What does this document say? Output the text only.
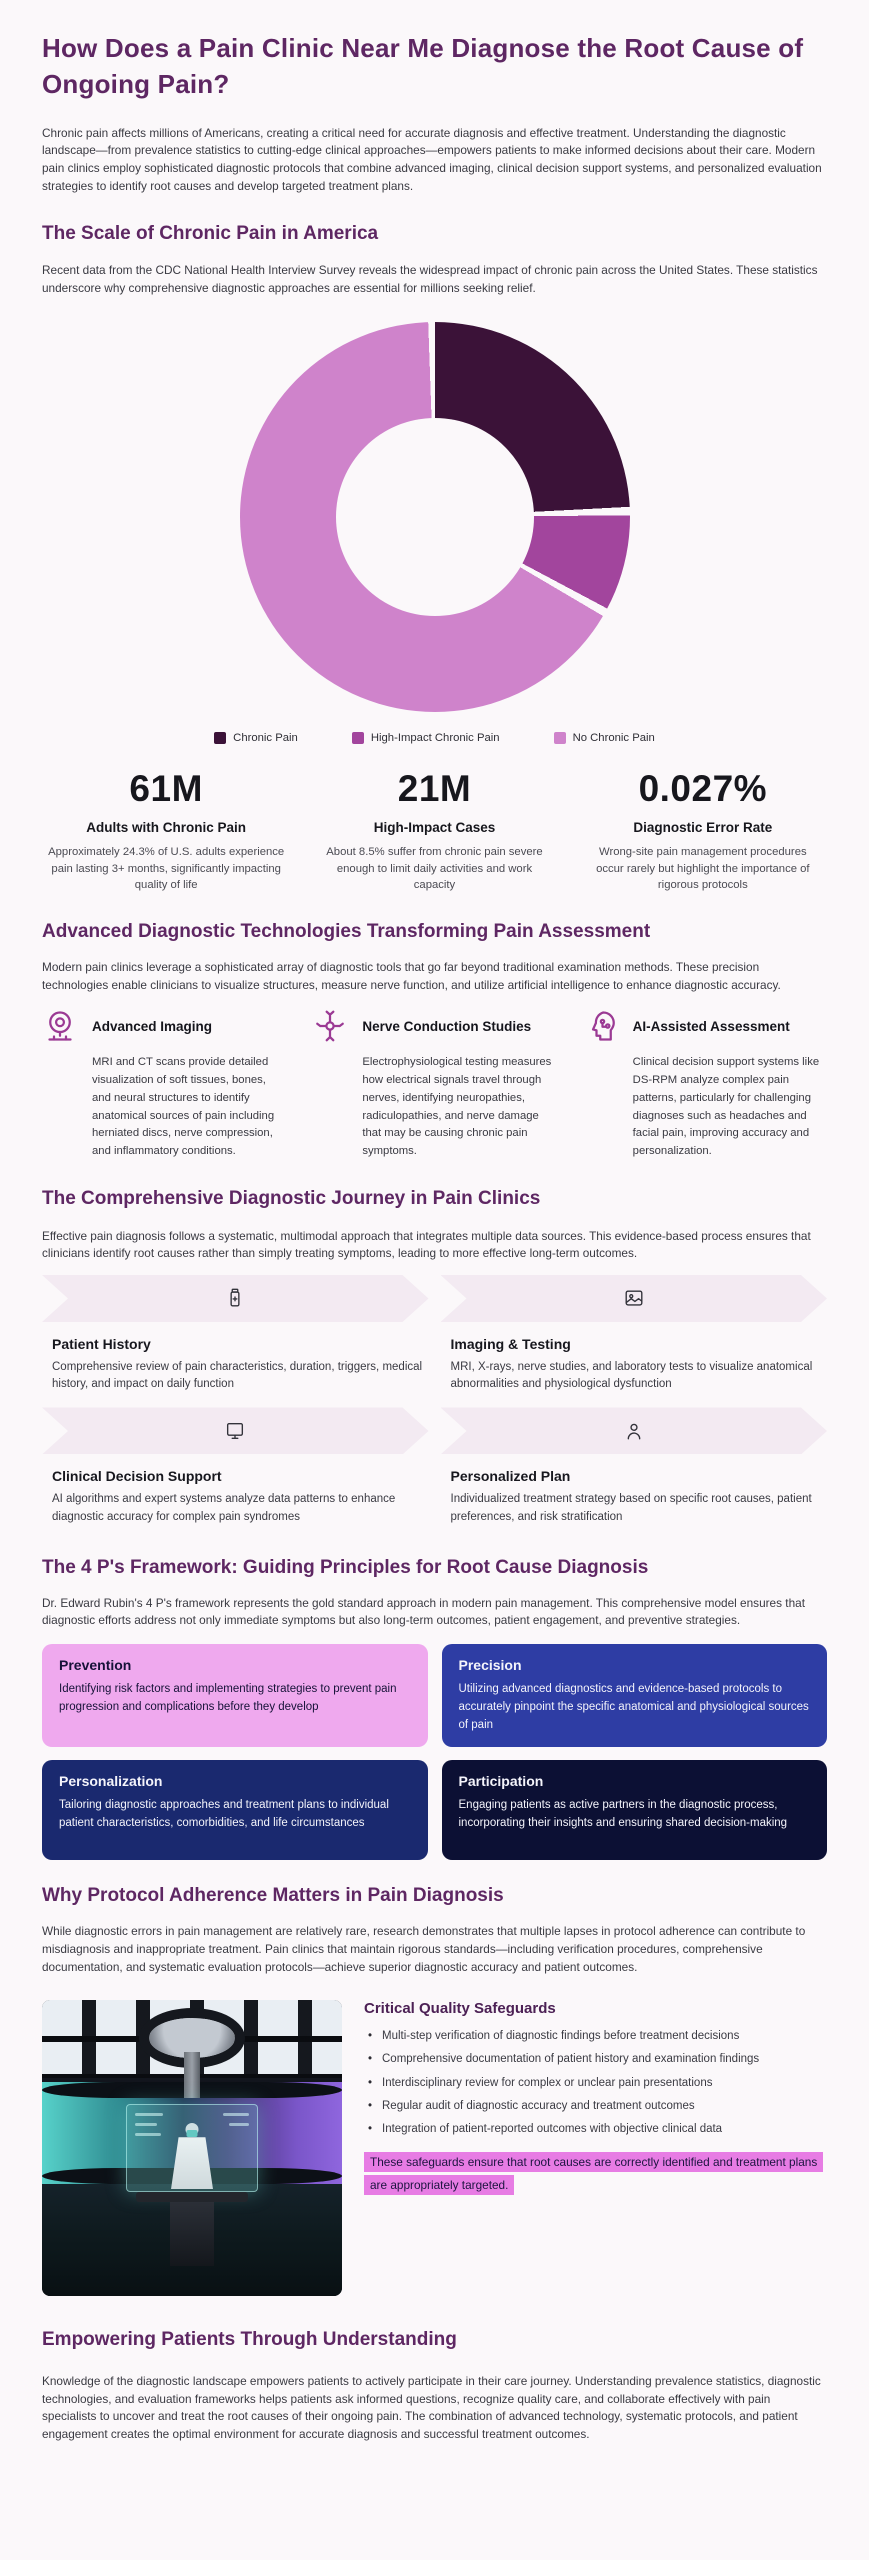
How Does a Pain Clinic Near Me Diagnose the Root Cause of Ongoing Pain?

Chronic pain affects millions of Americans, creating a critical need for accurate diagnosis and effective treatment. Understanding the diagnostic landscape—from prevalence statistics to cutting-edge clinical approaches—empowers patients to make informed decisions about their care. Modern pain clinics employ sophisticated diagnostic protocols that combine advanced imaging, clinical decision support systems, and personalized evaluation strategies to identify root causes and develop targeted treatment plans.

The Scale of Chronic Pain in America

Recent data from the CDC National Health Interview Survey reveals the widespread impact of chronic pain across the United States. These statistics underscore why comprehensive diagnostic approaches are essential for millions seeking relief.

Chronic Pain	High-Impact Chronic Pain	No Chronic Pain
61M
Adults with Chronic Pain
Approximately 24.3% of U.S. adults experience pain lasting 3+ months, significantly impacting quality of life
21M
High-Impact Cases
About 8.5% suffer from chronic pain severe enough to limit daily activities and work capacity
0.027%
Diagnostic Error Rate
Wrong-site pain management procedures occur rarely but highlight the importance of rigorous protocols
Advanced Diagnostic Technologies Transforming Pain Assessment

Modern pain clinics leverage a sophisticated array of diagnostic tools that go far beyond traditional examination methods. These precision technologies enable clinicians to visualize structures, measure nerve function, and utilize artificial intelligence to enhance diagnostic accuracy.

Advanced Imaging

MRI and CT scans provide detailed visualization of soft tissues, bones, and neural structures to identify anatomical sources of pain including herniated discs, nerve compression, and inflammatory conditions.

Nerve Conduction Studies

Electrophysiological testing measures how electrical signals travel through nerves, identifying neuropathies, radiculopathies, and nerve damage that may be causing chronic pain symptoms.

AI-Assisted Assessment

Clinical decision support systems like DS-RPM analyze complex pain patterns, particularly for challenging diagnoses such as headaches and facial pain, improving accuracy and personalization.

The Comprehensive Diagnostic Journey in Pain Clinics

Effective pain diagnosis follows a systematic, multimodal approach that integrates multiple data sources. This evidence-based process ensures that clinicians identify root causes rather than simply treating symptoms, leading to more effective long-term outcomes.

Patient History

Comprehensive review of pain characteristics, duration, triggers, medical history, and impact on daily function

Imaging & Testing

MRI, X-rays, nerve studies, and laboratory tests to visualize anatomical abnormalities and physiological dysfunction

Clinical Decision Support

AI algorithms and expert systems analyze data patterns to enhance diagnostic accuracy for complex pain syndromes

Personalized Plan

Individualized treatment strategy based on specific root causes, patient preferences, and risk stratification

The 4 P's Framework: Guiding Principles for Root Cause Diagnosis

Dr. Edward Rubin's 4 P's framework represents the gold standard approach in modern pain management. This comprehensive model ensures that diagnostic efforts address not only immediate symptoms but also long-term outcomes, patient engagement, and preventive strategies.

Prevention

Identifying risk factors and implementing strategies to prevent pain progression and complications before they develop

Precision

Utilizing advanced diagnostics and evidence-based protocols to accurately pinpoint the specific anatomical and physiological sources of pain

Personalization

Tailoring diagnostic approaches and treatment plans to individual patient characteristics, comorbidities, and life circumstances

Participation

Engaging patients as active partners in the diagnostic process, incorporating their insights and ensuring shared decision-making

Why Protocol Adherence Matters in Pain Diagnosis

While diagnostic errors in pain management are relatively rare, research demonstrates that multiple lapses in protocol adherence can contribute to misdiagnosis and inappropriate treatment. Pain clinics that maintain rigorous standards—including verification procedures, comprehensive documentation, and systematic evaluation protocols—achieve superior diagnostic accuracy and patient outcomes.

Critical Quality Safeguards
• Multi-step verification of diagnostic findings before treatment decisions
• Comprehensive documentation of patient history and examination findings
• Interdisciplinary review for complex or unclear pain presentations
• Regular audit of diagnostic accuracy and treatment outcomes
• Integration of patient-reported outcomes with objective clinical data

These safeguards ensure that root causes are correctly identified and treatment plans are appropriately targeted.

Empowering Patients Through Understanding

Knowledge of the diagnostic landscape empowers patients to actively participate in their care journey. Understanding prevalence statistics, diagnostic technologies, and evaluation frameworks helps patients ask informed questions, recognize quality care, and collaborate effectively with pain specialists to uncover and treat the root causes of their ongoing pain. The combination of advanced technology, systematic protocols, and patient engagement creates the optimal environment for accurate diagnosis and successful treatment outcomes.
